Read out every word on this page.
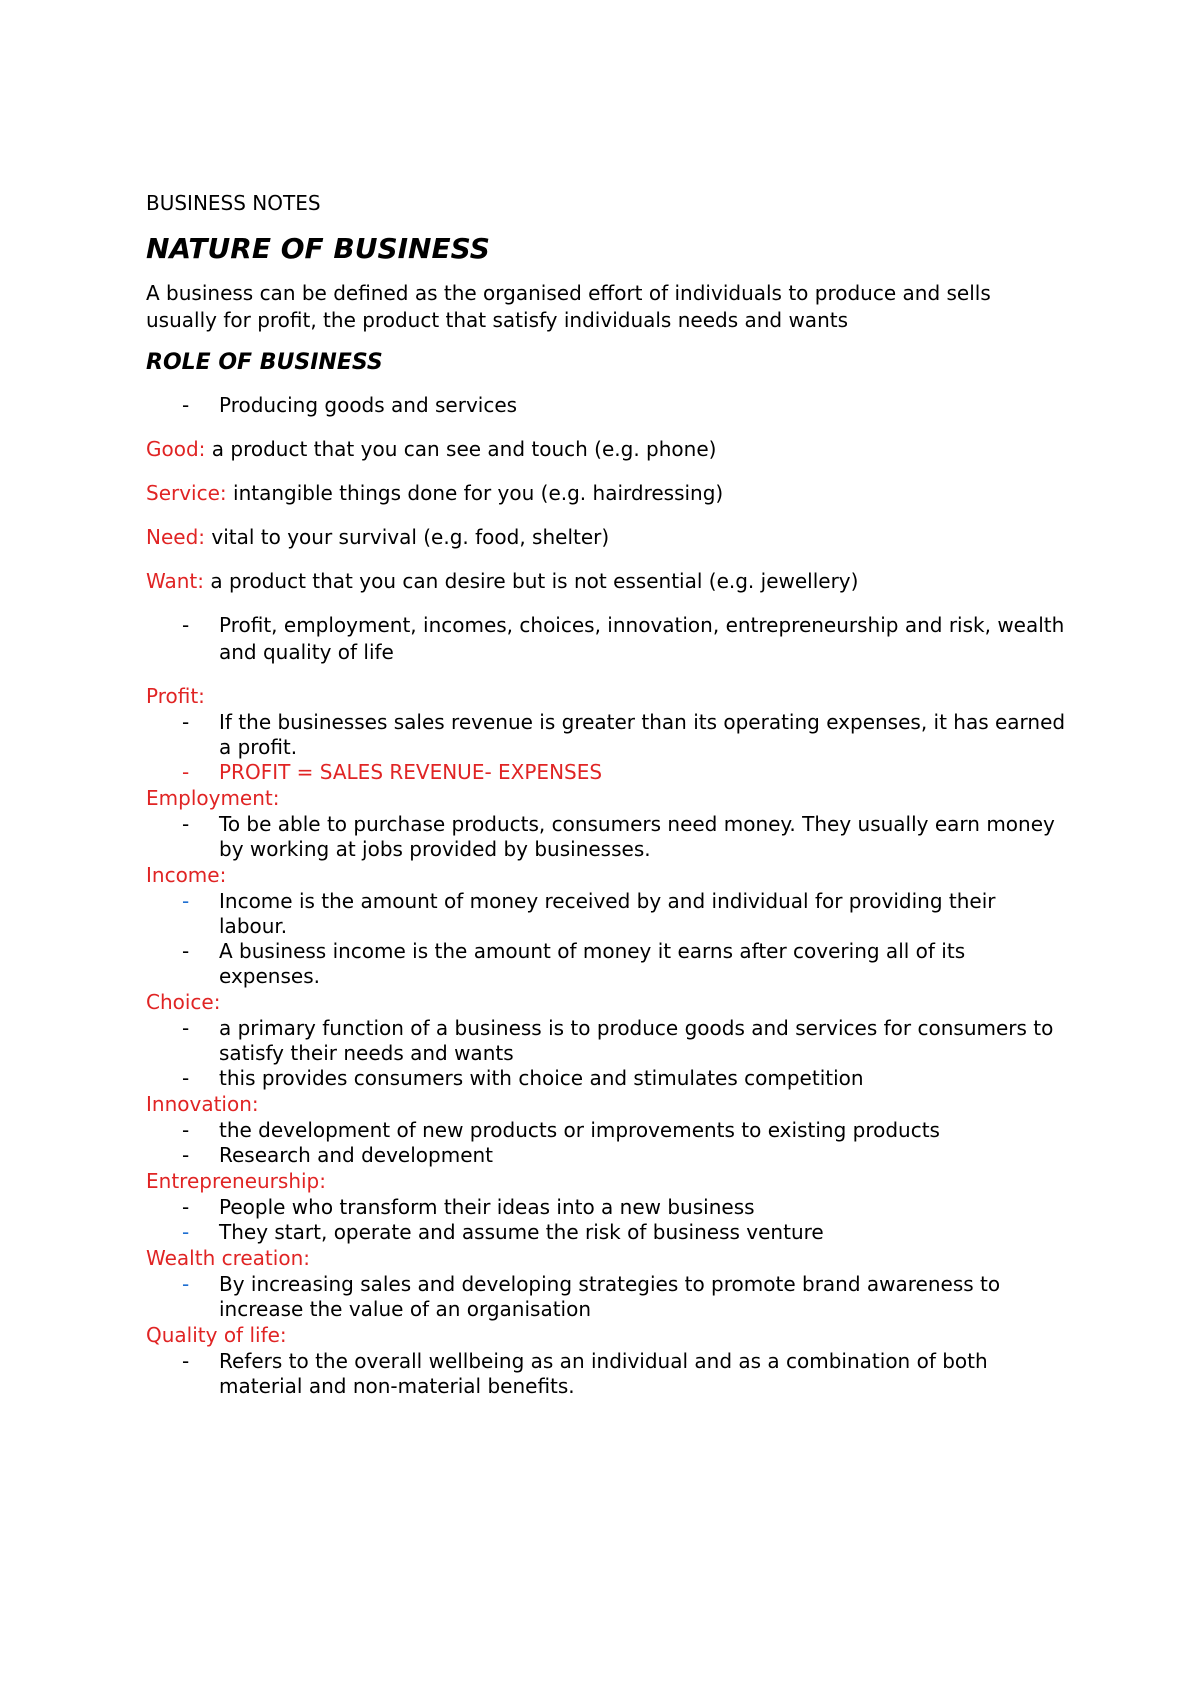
BUSINESS NOTES
NATURE OF BUSINESS
A business can be defined as the organised effort of individuals to produce and sells usually for profit, the product that satisfy individuals needs and wants
ROLE OF BUSINESS
-	Producing goods and services
Good: a product that you can see and touch (e.g. phone)
Service: intangible things done for you (e.g. hairdressing)
Need: vital to your survival (e.g. food, shelter)
Want: a product that you can desire but is not essential (e.g. jewellery)
-	Profit, employment, incomes, choices, innovation, entrepreneurship and risk, wealth and quality of life
Profit:
-	If the businesses sales revenue is greater than its operating expenses, it has earned a profit.
-	PROFIT = SALES REVENUE- EXPENSES
Employment:
-	To be able to purchase products, consumers need money. They usually earn money by working at jobs provided by businesses.
Income:
-	Income is the amount of money received by and individual for providing their labour.
-	A business income is the amount of money it earns after covering all of its expenses.
Choice:
-	a primary function of a business is to produce goods and services for consumers to satisfy their needs and wants
-	this provides consumers with choice and stimulates competition
Innovation:
-	the development of new products or improvements to existing products
-	Research and development
Entrepreneurship:
-	People who transform their ideas into a new business
-	They start, operate and assume the risk of business venture
Wealth creation:
-	By increasing sales and developing strategies to promote brand awareness to increase the value of an organisation
Quality of life:
-	Refers to the overall wellbeing as an individual and as a combination of both material and non-material benefits.
